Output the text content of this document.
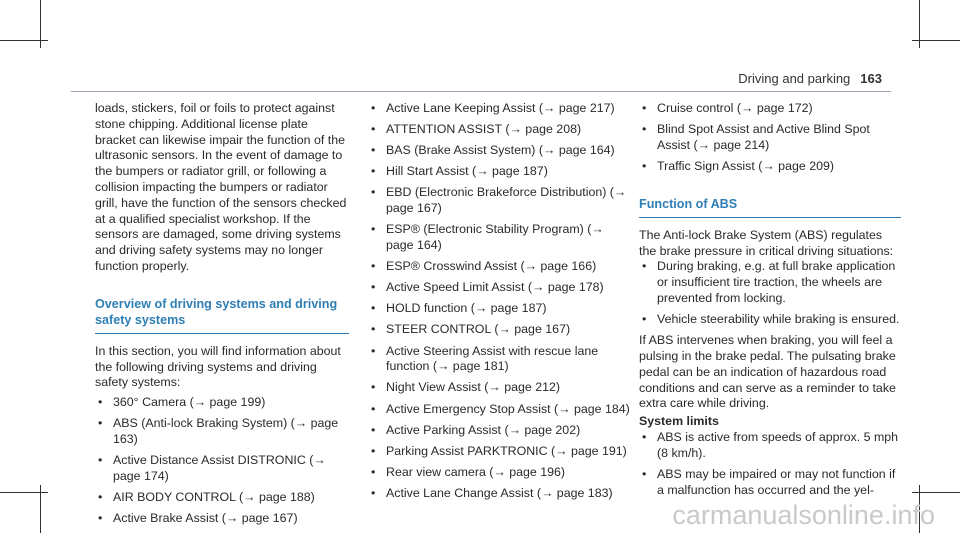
Driving and parking 163

loads, stickers, foil or foils to protect against stone chipping. Additional license plate bracket can likewise impair the function of the ultrasonic sensors. In the event of damage to the bumpers or radiator grill, or following a collision impacting the bumpers or radiator grill, have the function of the sensors checked at a qualified specialist workshop. If the sensors are damaged, some driving systems and driving safety systems may no longer function properly.

Overview of driving systems and driving safety systems

In this section, you will find information about the following driving systems and driving safety systems:

• 360° Camera (→ page 199)
• ABS (Anti-lock Braking System) (→ page 163)
• Active Distance Assist DISTRONIC (→ page 174)
• AIR BODY CONTROL (→ page 188)
• Active Brake Assist (→ page 167)
• Active Lane Keeping Assist (→ page 217)
• ATTENTION ASSIST (→ page 208)
• BAS (Brake Assist System) (→ page 164)
• Hill Start Assist (→ page 187)
• EBD (Electronic Brakeforce Distribution) (→ page 167)
• ESP® (Electronic Stability Program) (→ page 164)
• ESP® Crosswind Assist (→ page 166)
• Active Speed Limit Assist (→ page 178)
• HOLD function (→ page 187)
• STEER CONTROL (→ page 167)
• Active Steering Assist with rescue lane function (→ page 181)
• Night View Assist (→ page 212)
• Active Emergency Stop Assist (→ page 184)
• Active Parking Assist (→ page 202)
• Parking Assist PARKTRONIC (→ page 191)
• Rear view camera (→ page 196)
• Active Lane Change Assist (→ page 183)
• Cruise control (→ page 172)
• Blind Spot Assist and Active Blind Spot Assist (→ page 214)
• Traffic Sign Assist (→ page 209)
Function of ABS

The Anti-lock Brake System (ABS) regulates the brake pressure in critical driving situations:

• During braking, e.g. at full brake application or insufficient tire traction, the wheels are prevented from locking.
• Vehicle steerability while braking is ensured.

If ABS intervenes when braking, you will feel a pulsing in the brake pedal. The pulsating brake pedal can be an indication of hazardous road conditions and can serve as a reminder to take extra care while driving.

System limits
• ABS is active from speeds of approx. 5 mph (8 km/h).
• ABS may be impaired or may not function if a malfunction has occurred and the yel-
carmanualsonline.info
